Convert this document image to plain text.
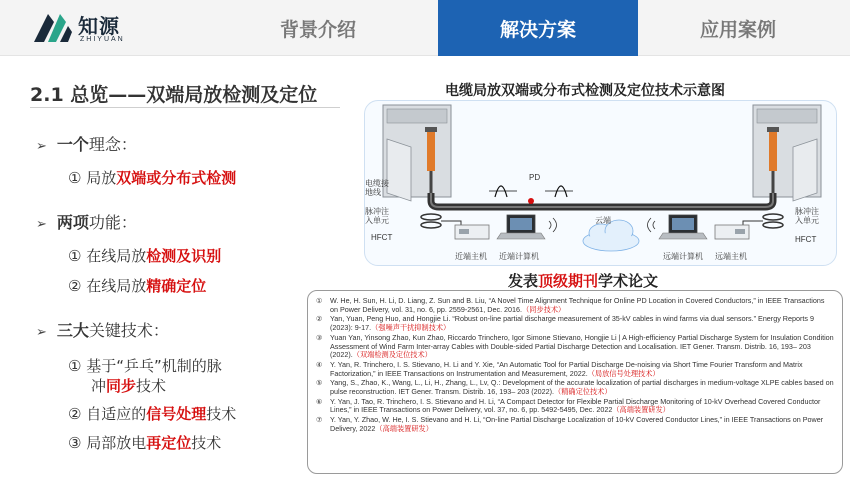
知源
ZHIYUAN	背景介绍	解决方案	应用案例
2.1 总览——双端局放检测及定位
➢ 一个理念：
① 局放双端或分布式检测
➢ 两项功能：
① 在线局放检测及识别
② 在线局放精确定位
➢ 三大关键技术：
① 基于“乒乓”机制的脉
冲同步技术
② 自适应的信号处理技术
③ 局部放电再定位技术
电缆局放双端或分布式检测及定位技术示意图
PD
电缆接
地线
脉冲注
入单元
HFCT
近端主机 近端计算机
云端
远端计算机 远端主机
脉冲注
入单元
HFCT
发表顶级期刊学术论文
① W. He, H. Sun, H. Li, D. Liang, Z. Sun and B. Liu, “A Novel Time Alignment Technique for Online PD Location in Covered Conductors,” in IEEE Transactions on Power Delivery, vol. 31, no. 6, pp. 2559-2561, Dec. 2016.（同步技术）
② Yan, Yuan, Peng Huo, and Hongjie Li. “Robust on-line partial discharge measurement of 35-kV cables in wind farms via dual sensors.” Energy Reports 9 (2023): 9-17.（强噪声干扰抑制技术）
③ Yuan Yan, Yinsong Zhao, Kun Zhao, Riccardo Trinchero, Igor Simone Stievano, Hongjie Li | A High-efficiency Partial Discharge System for Insulation Condition Assessment of Wind Farm Inter-array Cables with Double-sided Partial Discharge Detection and Localisation. IET Gener. Transm. Distrib. 16, 193– 203 (2022).（双端检测及定位技术）
④ Y. Yan, R. Trinchero, I. S. Stievano, H. Li and Y. Xie, “An Automatic Tool for Partial Discharge De-noising via Short Time Fourier Transform and Matrix Factorization,” in IEEE Transactions on Instrumentation and Measurement, 2022.（局放信号处理技术）
⑤ Yang, S., Zhao, K., Wang, L., Li, H., Zhang, L., Lv, Q.: Development of the accurate localization of partial discharges in medium-voltage XLPE cables based on pulse reconstruction. IET Gener. Transm. Distrib. 16, 193– 203 (2022).（精确定位技术）
⑥ Y. Yan, J. Tao, R. Trinchero, I. S. Stievano and H. Li, “A Compact Detector for Flexible Partial Discharge Monitoring of 10-kV Overhead Covered Conductor Lines,” in IEEE Transactions on Power Delivery, vol. 37, no. 6, pp. 5492-5495, Dec. 2022（高端装置研发）
⑦ Y. Yan, Y. Zhao, W. He, I. S. Stievano and H. Li, “On-line Partial Discharge Localization of 10-kV Covered Conductor Lines,” in IEEE Transactions on Power Delivery, 2022（高端装置研发）
